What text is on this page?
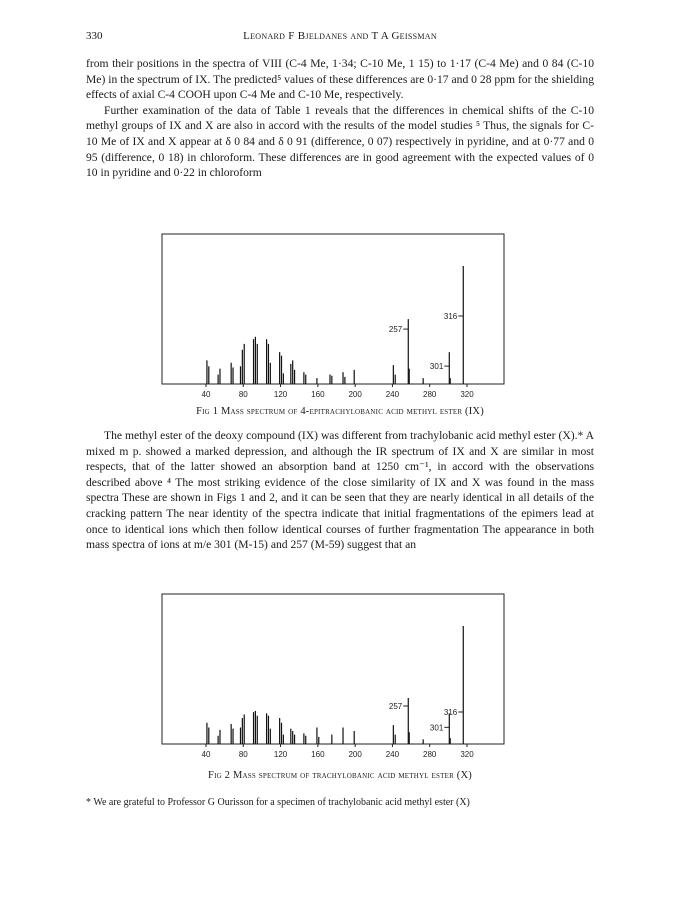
330	Leonard F Bjeldanes and T A Geissman

from their positions in the spectra of VIII (C-4 Me, 1·34; C-10 Me, 1 15) to 1·17 (C-4 Me) and 0 84 (C-10 Me) in the spectrum of IX. The predicted⁵ values of these differences are 0·17 and 0 28 ppm for the shielding effects of axial C-4 COOH upon C-4 Me and C-10 Me, respectively.

Further examination of the data of Table 1 reveals that the differences in chemical shifts of the C-10 methyl groups of IX and X are also in accord with the results of the model studies ⁵ Thus, the signals for C-10 Me of IX and X appear at δ 0 84 and δ 0 91 (difference, 0 07) respectively in pyridine, and at 0·77 and 0 95 (difference, 0 18) in chloroform. These differences are in good agreement with the expected values of 0 10 in pyridine and 0·22 in chloroform

40	80	120	160	200	240	280	320
257
301
316
Fig 1 Mass spectrum of 4-epitrachylobanic acid methyl ester (IX)

The methyl ester of the deoxy compound (IX) was different from trachylobanic acid methyl ester (X).* A mixed m p. showed a marked depression, and although the IR spectrum of IX and X are similar in most respects, that of the latter showed an absorption band at 1250 cm⁻¹, in accord with the observations described above ⁴ The most striking evidence of the close similarity of IX and X was found in the mass spectra These are shown in Figs 1 and 2, and it can be seen that they are nearly identical in all details of the cracking pattern The near identity of the spectra indicate that initial fragmentations of the epimers lead at once to identical ions which then follow identical courses of further fragmentation The appearance in both mass spectra of ions at m/e 301 (M-15) and 257 (M-59) suggest that an

40	80	120	160	200	240	280	320
257
301
316
Fig 2 Mass spectrum of trachylobanic acid methyl ester (X)
* We are grateful to Professor G Ourisson for a specimen of trachylobanic acid methyl ester (X)
